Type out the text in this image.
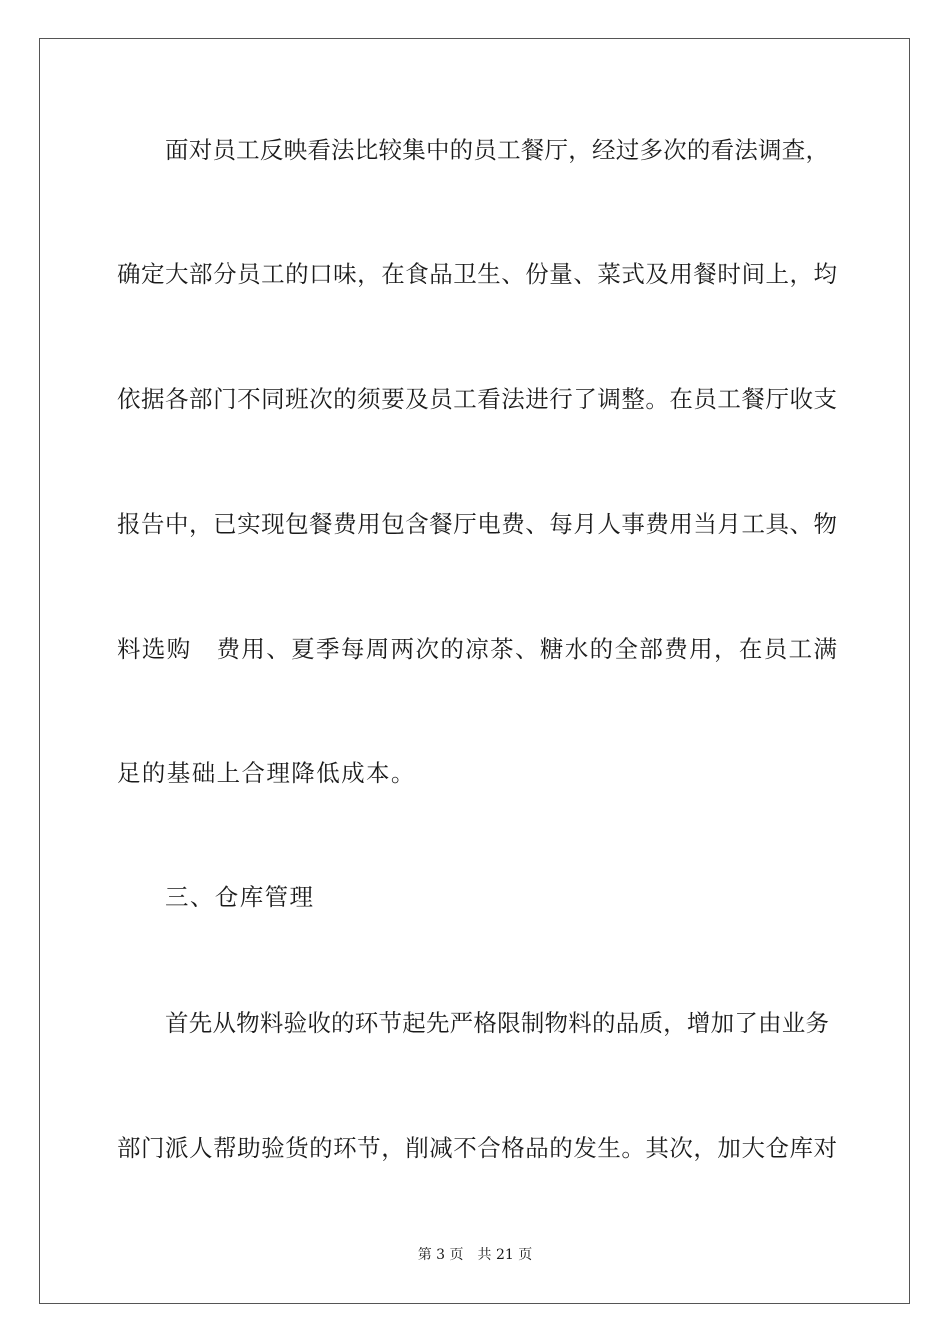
面对员工反映看法比较集中的员工餐厅，经过多次的看法调查，
确定大部分员工的口味，在食品卫生、份量、菜式及用餐时间上，均
依据各部门不同班次的须要及员工看法进行了调整。在员工餐厅收支
报告中，已实现包餐费用包含餐厅电费、每月人事费用当月工具、物
料选购　费用、夏季每周两次的凉茶、糖水的全部费用，在员工满
足的基础上合理降低成本。
三、仓库管理
首先从物料验收的环节起先严格限制物料的品质，增加了由业务
部门派人帮助验货的环节，削减不合格品的发生。其次，加大仓库对
第 3 页　共 21 页
